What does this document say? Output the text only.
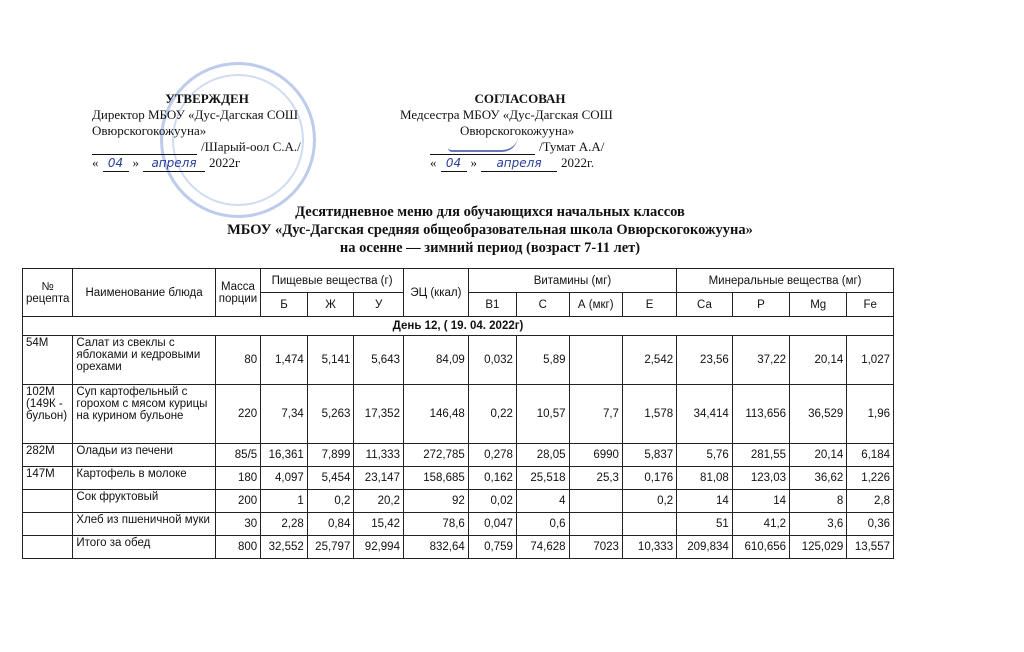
УТВЕРЖДЕН
Директор МБОУ «Дус-Дагская СОШ
Овюрскогокожууна»
/Шарый-оол С.А./
« 04 »	апреля 2022г
СОГЛАСОВАН
Медсестра МБОУ «Дус-Дагская СОШ
Овюрскогокожууна»
/Тумат А.А/
« 04 »	апреля	2022г.
Десятидневное меню для обучающихся начальных классов
МБОУ «Дус-Дагская средняя общеобразовательная школа Овюрскогокожууна»
на осенне — зимний период (возраст 7-11 лет)
№ рецепта	Наименование блюда	Масса порции	Пищевые вещества (г)			ЭЦ (ккал)	Витамины (мг)				Минеральные вещества (мг)			
			Б	Ж	У		В1	С	А (мкг)	Е	Са	Р	Mg	Fe
День 12, ( 19. 04. 2022г)														
54М	Салат из свеклы с яблоками и кедровыми орехами	80	1,474	5,141	5,643	84,09	0,032	5,89		2,542	23,56	37,22	20,14	1,027
102М (149К - бульон)	Суп картофельный с горохом с мясом курицы на курином бульоне	220	7,34	5,263	17,352	146,48	0,22	10,57	7,7	1,578	34,414	113,656	36,529	1,96
282М	Оладьи из печени	85/5	16,361	7,899	11,333	272,785	0,278	28,05	6990	5,837	5,76	281,55	20,14	6,184
147М	Картофель в молоке	180	4,097	5,454	23,147	158,685	0,162	25,518	25,3	0,176	81,08	123,03	36,62	1,226
	Сок фруктовый	200	1	0,2	20,2	92	0,02	4		0,2	14	14	8	2,8
	Хлеб из пшеничной муки	30	2,28	0,84	15,42	78,6	0,047	0,6			51	41,2	3,6	0,36
	Итого за обед	800	32,552	25,797	92,994	832,64	0,759	74,628	7023	10,333	209,834	610,656	125,029	13,557
